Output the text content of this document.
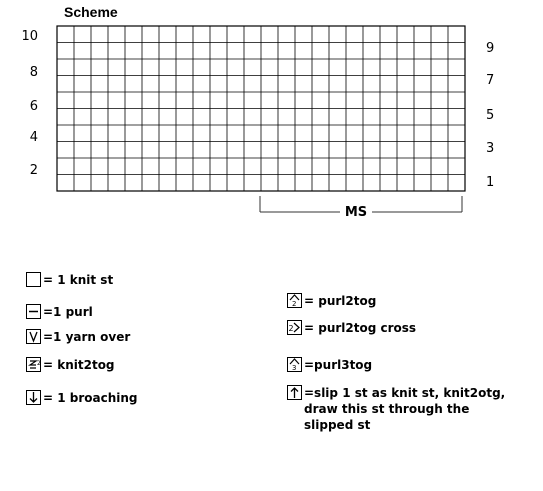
Scheme
10
8
6
4
2
9
7
5
3
1
MS
= 1 knit st
=1 purl
=1 yarn over
2 = knit2tog
= 1 broaching
2 = purl2tog
2 = purl2tog cross
3 =purl3tog
=slip 1 st as knit st, knit2otg, draw this st through the slipped st
